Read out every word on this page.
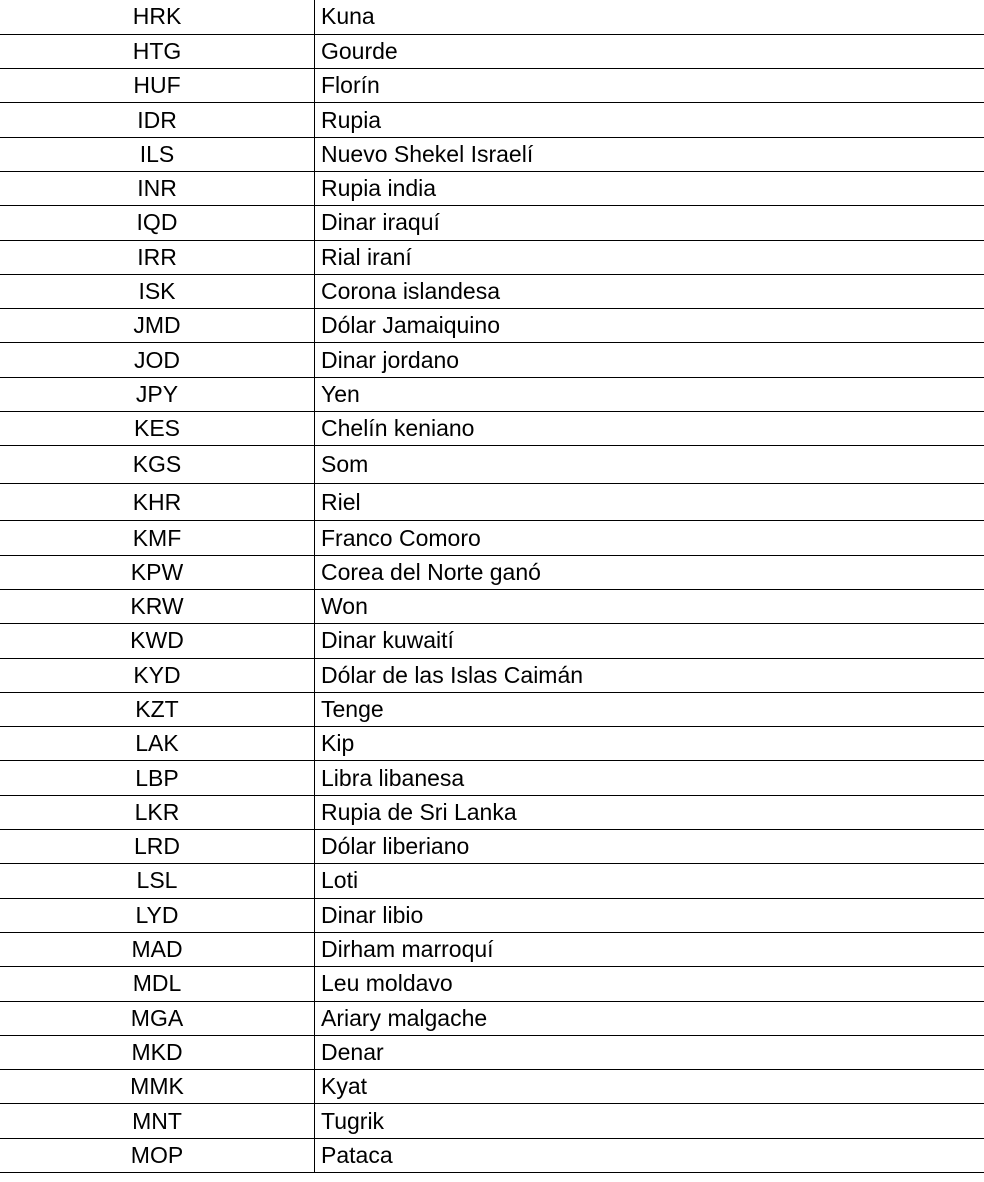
HRK	Kuna
HTG	Gourde
HUF	Florín
IDR	Rupia
ILS	Nuevo Shekel Israelí
INR	Rupia india
IQD	Dinar iraquí
IRR	Rial iraní
ISK	Corona islandesa
JMD	Dólar Jamaiquino
JOD	Dinar jordano
JPY	Yen
KES	Chelín keniano
KGS	Som
KHR	Riel
KMF	Franco Comoro
KPW	Corea del Norte ganó
KRW	Won
KWD	Dinar kuwaití
KYD	Dólar de las Islas Caimán
KZT	Tenge
LAK	Kip
LBP	Libra libanesa
LKR	Rupia de Sri Lanka
LRD	Dólar liberiano
LSL	Loti
LYD	Dinar libio
MAD	Dirham marroquí
MDL	Leu moldavo
MGA	Ariary malgache
MKD	Denar
MMK	Kyat
MNT	Tugrik
MOP	Pataca
